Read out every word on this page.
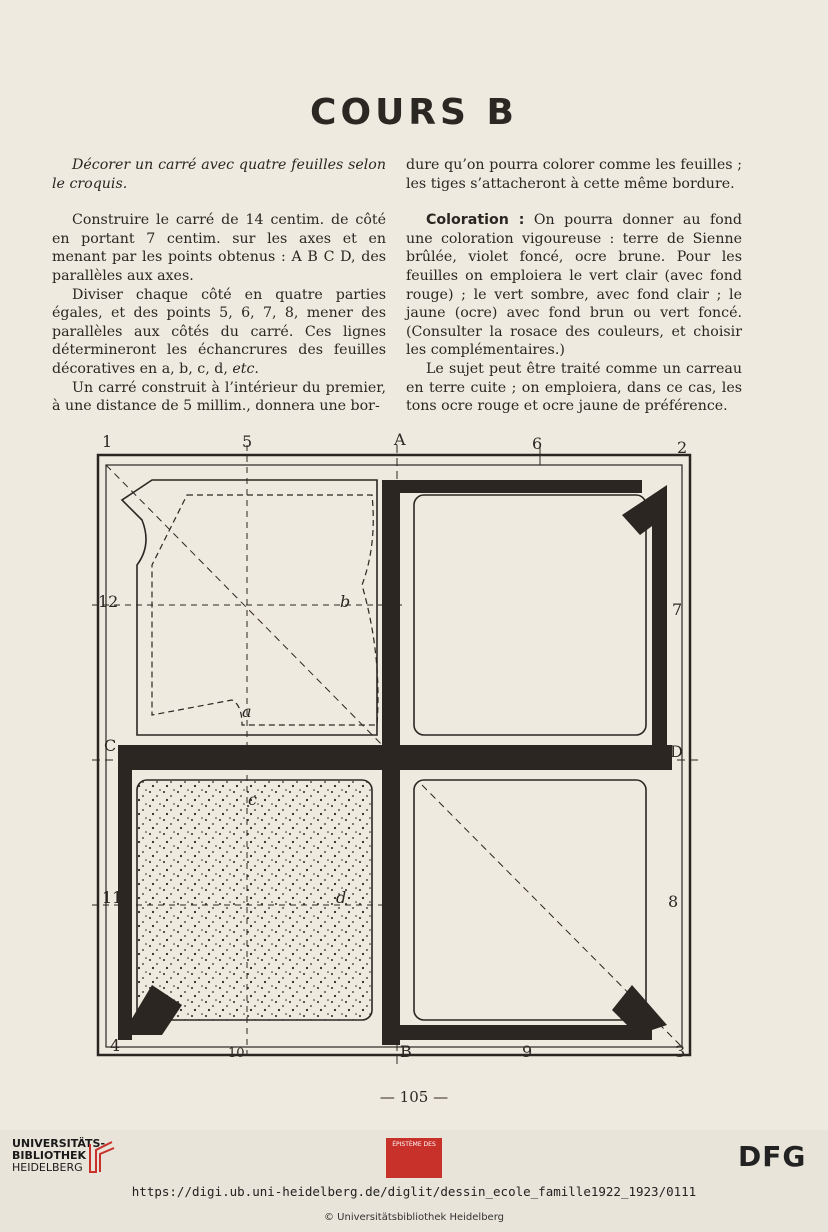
COURS B

Décorer un carré avec quatre feuilles selon le croquis.

Construire le carré de 14 centim. de côté en portant 7 centim. sur les axes et en menant par les points obtenus : A B C D, des parallèles aux axes.

Diviser chaque côté en quatre parties égales, et des points 5, 6, 7, 8, mener des parallèles aux côtés du carré. Ces lignes détermineront les échancrures des feuilles décoratives en a, b, c, d, etc.

Un carré construit à l’intérieur du premier, à une distance de 5 millim., donnera une bor-

dure qu’on pourra colorer comme les feuilles ; les tiges s’attacheront à cette même bordure.

Coloration : On pourra donner au fond une coloration vigoureuse : terre de Sienne brûlée, violet foncé, ocre brune. Pour les feuilles on emploiera le vert clair (avec fond rouge) ; le vert sombre, avec fond clair ; le jaune (ocre) avec fond brun ou vert foncé. (Consulter la rosace des couleurs, et choisir les complémentaires.)

Le sujet peut être traité comme un carreau en terre cuite ; on emploiera, dans ce cas, les tons ocre rouge et ocre jaune de préférence.

1	5	A	6	2
12	b	7
C
a
D
c
11	d	8
4	10	B	9	3
— 105 —
UNIVERSITÄTS-
BIBLIOTHEK
HEIDELBERG
ÉPISTÈME DES	DFG
https://digi.ub.uni-heidelberg.de/diglit/dessin_ecole_famille1922_1923/0111
© Universitätsbibliothek Heidelberg
